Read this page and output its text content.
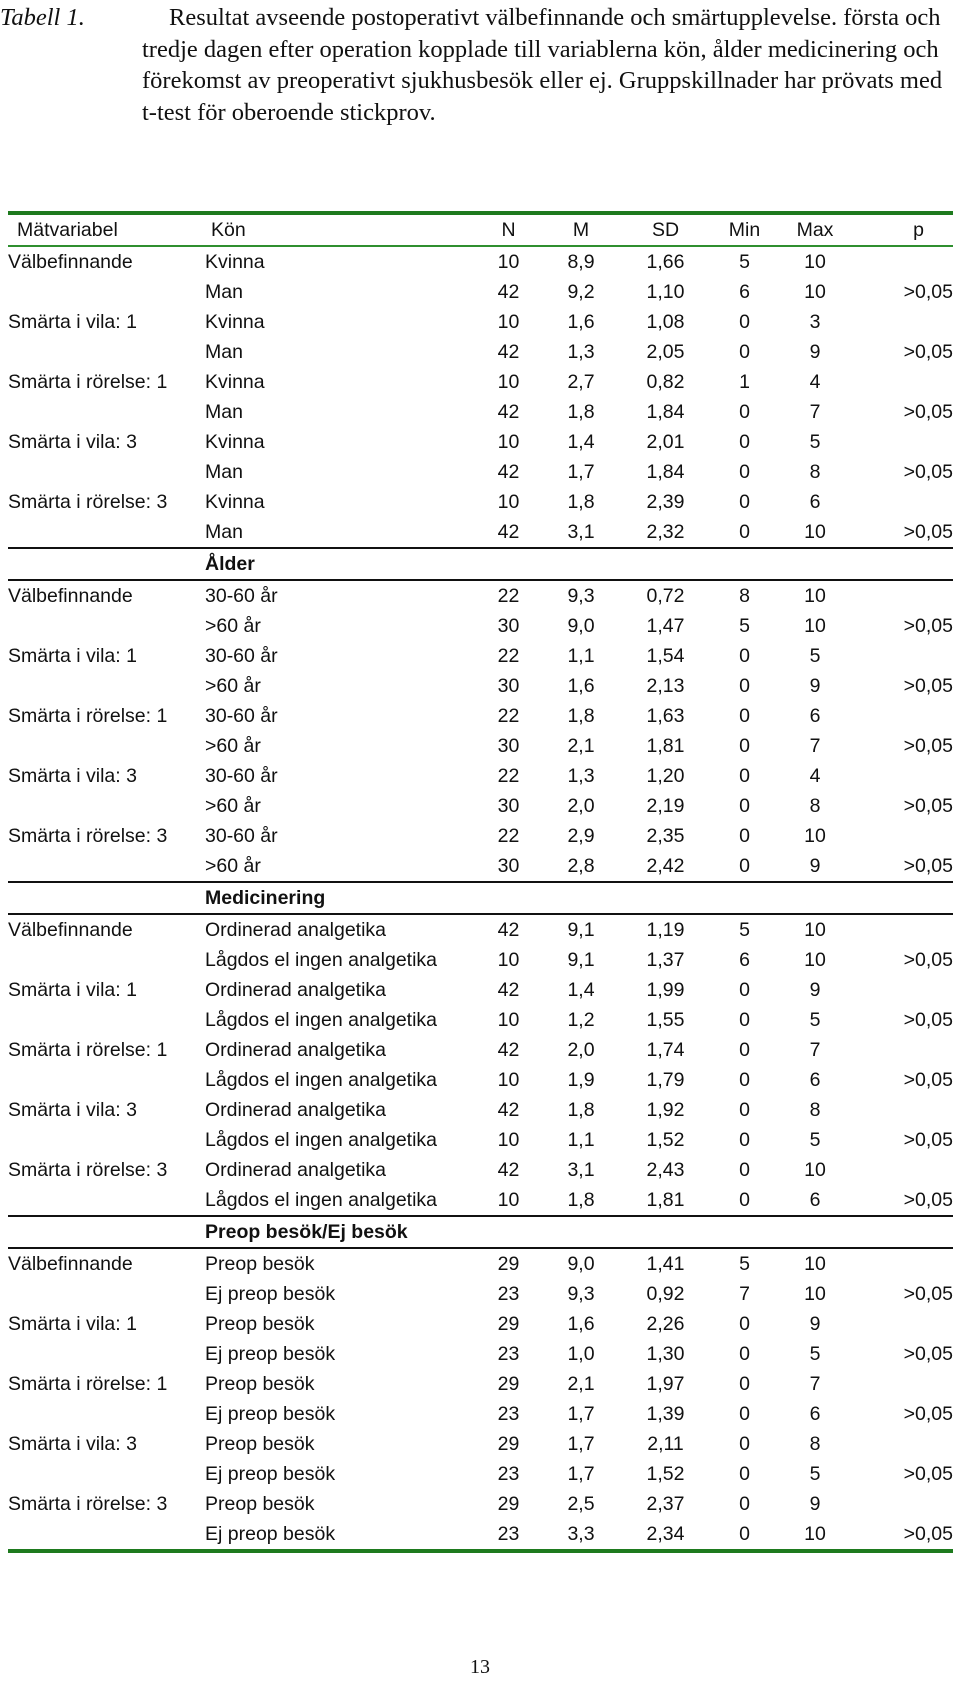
Tabell 1.	Resultat avseende postoperativt välbefinnande och smärtupplevelse. första och tredje dagen efter operation kopplade till variablerna kön, ålder medicinering och förekomst av preoperativt sjukhusbesök eller ej. Gruppskillnader har prövats med t-test för oberoende stickprov.
Mätvariabel	Kön	N	M	SD	Min	Max	p
Välbefinnande	Kvinna	10	8,9	1,66	5	10	
	Man	42	9,2	1,10	6	10	>0,05
Smärta i vila: 1	Kvinna	10	1,6	1,08	0	3	
	Man	42	1,3	2,05	0	9	>0,05
Smärta i rörelse: 1	Kvinna	10	2,7	0,82	1	4	
	Man	42	1,8	1,84	0	7	>0,05
Smärta i vila: 3	Kvinna	10	1,4	2,01	0	5	
	Man	42	1,7	1,84	0	8	>0,05
Smärta i rörelse: 3	Kvinna	10	1,8	2,39	0	6	
	Man	42	3,1	2,32	0	10	>0,05
	Ålder						
Välbefinnande	30-60 år	22	9,3	0,72	8	10	
	>60 år	30	9,0	1,47	5	10	>0,05
Smärta i vila: 1	30-60 år	22	1,1	1,54	0	5	
	>60 år	30	1,6	2,13	0	9	>0,05
Smärta i rörelse: 1	30-60 år	22	1,8	1,63	0	6	
	>60 år	30	2,1	1,81	0	7	>0,05
Smärta i vila: 3	30-60 år	22	1,3	1,20	0	4	
	>60 år	30	2,0	2,19	0	8	>0,05
Smärta i rörelse: 3	30-60 år	22	2,9	2,35	0	10	
	>60 år	30	2,8	2,42	0	9	>0,05
	Medicinering						
Välbefinnande	Ordinerad analgetika	42	9,1	1,19	5	10	
	Lågdos el ingen analgetika	10	9,1	1,37	6	10	>0,05
Smärta i vila: 1	Ordinerad analgetika	42	1,4	1,99	0	9	
	Lågdos el ingen analgetika	10	1,2	1,55	0	5	>0,05
Smärta i rörelse: 1	Ordinerad analgetika	42	2,0	1,74	0	7	
	Lågdos el ingen analgetika	10	1,9	1,79	0	6	>0,05
Smärta i vila: 3	Ordinerad analgetika	42	1,8	1,92	0	8	
	Lågdos el ingen analgetika	10	1,1	1,52	0	5	>0,05
Smärta i rörelse: 3	Ordinerad analgetika	42	3,1	2,43	0	10	
	Lågdos el ingen analgetika	10	1,8	1,81	0	6	>0,05
	Preop besök/Ej besök						
Välbefinnande	Preop besök	29	9,0	1,41	5	10	
	Ej preop besök	23	9,3	0,92	7	10	>0,05
Smärta i vila: 1	Preop besök	29	1,6	2,26	0	9	
	Ej preop besök	23	1,0	1,30	0	5	>0,05
Smärta i rörelse: 1	Preop besök	29	2,1	1,97	0	7	
	Ej preop besök	23	1,7	1,39	0	6	>0,05
Smärta i vila: 3	Preop besök	29	1,7	2,11	0	8	
	Ej preop besök	23	1,7	1,52	0	5	>0,05
Smärta i rörelse: 3	Preop besök	29	2,5	2,37	0	9	
	Ej preop besök	23	3,3	2,34	0	10	>0,05
13
